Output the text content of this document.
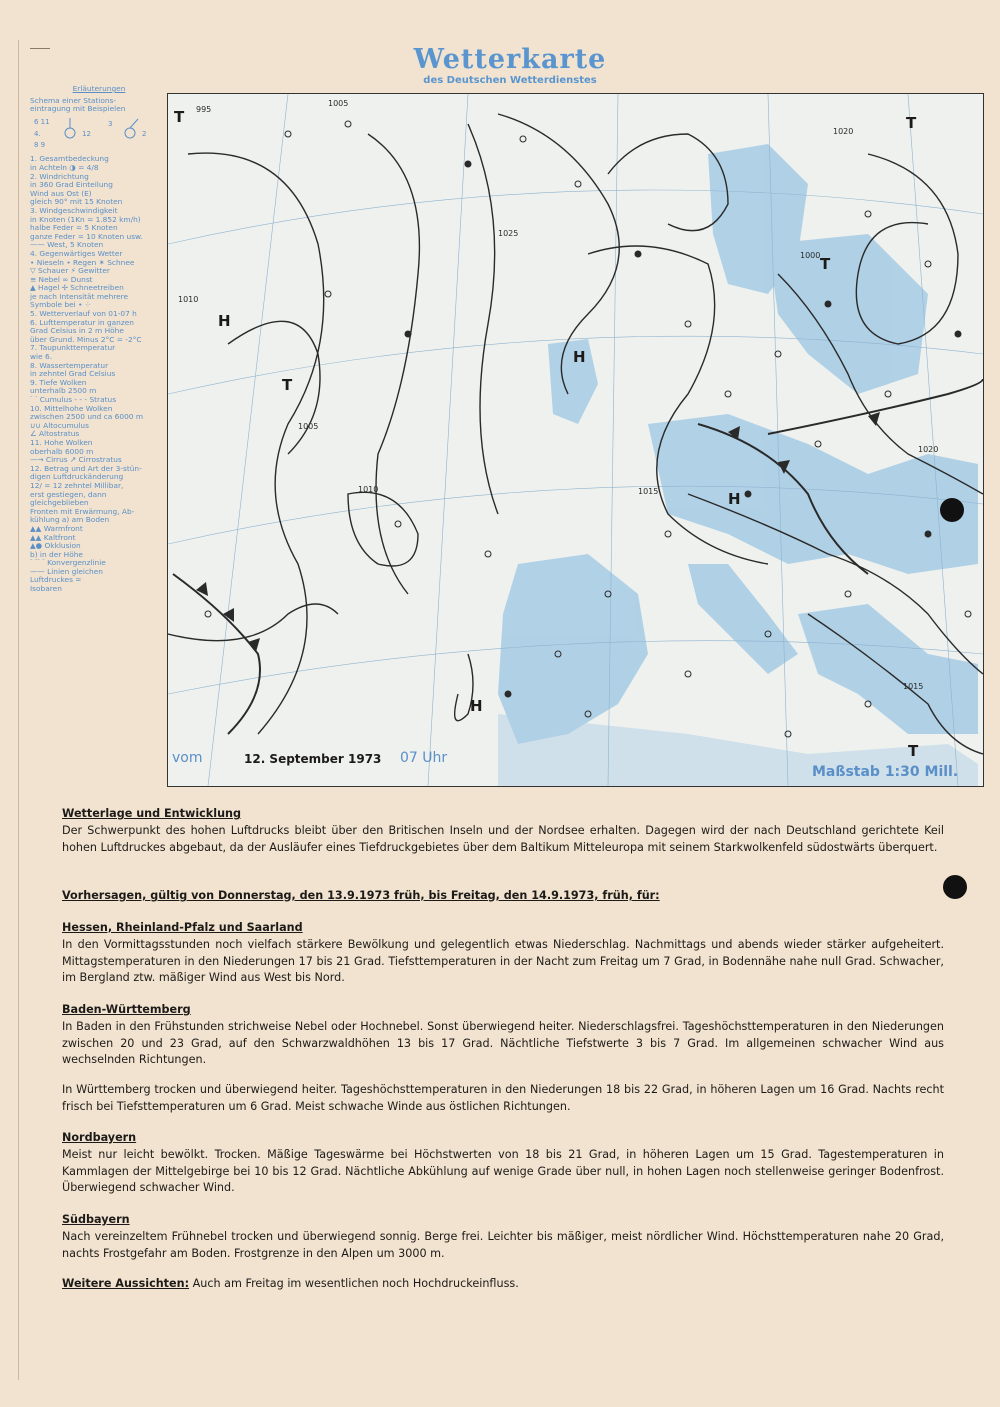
Wetterkarte
des Deutschen Wetterdienstes
Erläuterungen
Schema einer Stations-
eintragung mit Beispielen
6 11
4.
8 9
12
3
2
1. Gesamtbedeckung
in Achteln ◑ = 4/8
2. Windrichtung
in 360 Grad Einteilung
Wind aus Ost (E)
gleich 90° mit 15 Knoten
3. Windgeschwindigkeit
in Knoten (1Kn = 1.852 km/h)
halbe Feder = 5 Knoten
ganze Feder = 10 Knoten usw.
—— West, 5 Knoten
4. Gegenwärtiges Wetter
• Nieseln • Regen ✶ Schnee
▽ Schauer ⚡ Gewitter
≡ Nebel ∞ Dunst
▲ Hagel ✢ Schneetreiben
je nach Intensität mehrere
Symbole bei • ⁘
5. Wetterverlauf von 01-07 h
6. Lufttemperatur in ganzen
Grad Celsius in 2 m Höhe
über Grund. Minus 2°C = -2°C
7. Taupunkttemperatur
wie 6.
8. Wassertemperatur
in zehntel Grad Celsius
9. Tiefe Wolken
unterhalb 2500 m
⌒ Cumulus - - - Stratus
10. Mittelhohe Wolken
zwischen 2500 und ca 6000 m
∪∪ Altocumulus
∠ Altostratus
11. Hohe Wolken
oberhalb 6000 m
—→ Cirrus ↗ Cirrostratus
12. Betrag und Art der 3-stün-
digen Luftdruckänderung
12/ = 12 zehntel Millibar,
erst gestiegen, dann
gleichgeblieben
Fronten mit Erwärmung, Ab-
kühlung a) am Boden
▲▲ Warmfront
▲▲ Kaltfront
▲● Okklusion
b) in der Höhe
⌒⌒ Konvergenzlinie
—— Linien gleichen
Luftdruckes =
Isobaren
1005
1010
1015
1020
1025
1000
995
1010
1020
1015
1005
T
H
T
H
H
H
T
T
T
vom	12. September 1973 07 Uhr
Maßstab 1:30 Mill.
Wetterlage und Entwicklung

Der Schwerpunkt des hohen Luftdrucks bleibt über den Britischen Inseln und der Nordsee erhalten. Dagegen wird der nach Deutschland gerichtete Keil hohen Luftdruckes abgebaut, da der Ausläufer eines Tiefdruckgebietes über dem Baltikum Mitteleuropa mit seinem Starkwolkenfeld südostwärts überquert.

Vorhersagen, gültig von Donnerstag, den 13.9.1973 früh, bis Freitag, den 14.9.1973, früh, für:
Hessen, Rheinland-Pfalz und Saarland

In den Vormittagsstunden noch vielfach stärkere Bewölkung und gelegentlich etwas Niederschlag. Nachmittags und abends wieder stärker aufgeheitert. Mittagstemperaturen in den Niederungen 17 bis 21 Grad. Tiefsttemperaturen in der Nacht zum Freitag um 7 Grad, in Bodennähe nahe null Grad. Schwacher, im Bergland ztw. mäßiger Wind aus West bis Nord.

Baden-Württemberg

In Baden in den Frühstunden strichweise Nebel oder Hochnebel. Sonst überwiegend heiter. Niederschlagsfrei. Tageshöchsttemperaturen in den Niederungen zwischen 20 und 23 Grad, auf den Schwarzwaldhöhen 13 bis 17 Grad. Nächtliche Tiefstwerte 3 bis 7 Grad. Im allgemeinen schwacher Wind aus wechselnden Richtungen.

In Württemberg trocken und überwiegend heiter. Tageshöchsttemperaturen in den Niederungen 18 bis 22 Grad, in höheren Lagen um 16 Grad. Nachts recht frisch bei Tiefsttemperaturen um 6 Grad. Meist schwache Winde aus östlichen Richtungen.

Nordbayern

Meist nur leicht bewölkt. Trocken. Mäßige Tageswärme bei Höchstwerten von 18 bis 21 Grad, in höheren Lagen um 15 Grad. Tagestemperaturen in Kammlagen der Mittelgebirge bei 10 bis 12 Grad. Nächtliche Abkühlung auf wenige Grade über null, in hohen Lagen noch stellenweise geringer Bodenfrost. Überwiegend schwacher Wind.

Südbayern

Nach vereinzeltem Frühnebel trocken und überwiegend sonnig. Berge frei. Leichter bis mäßiger, meist nördlicher Wind. Höchsttemperaturen nahe 20 Grad, nachts Frostgefahr am Boden. Frostgrenze in den Alpen um 3000 m.

Weitere Aussichten: Auch am Freitag im wesentlichen noch Hochdruckeinfluss.
